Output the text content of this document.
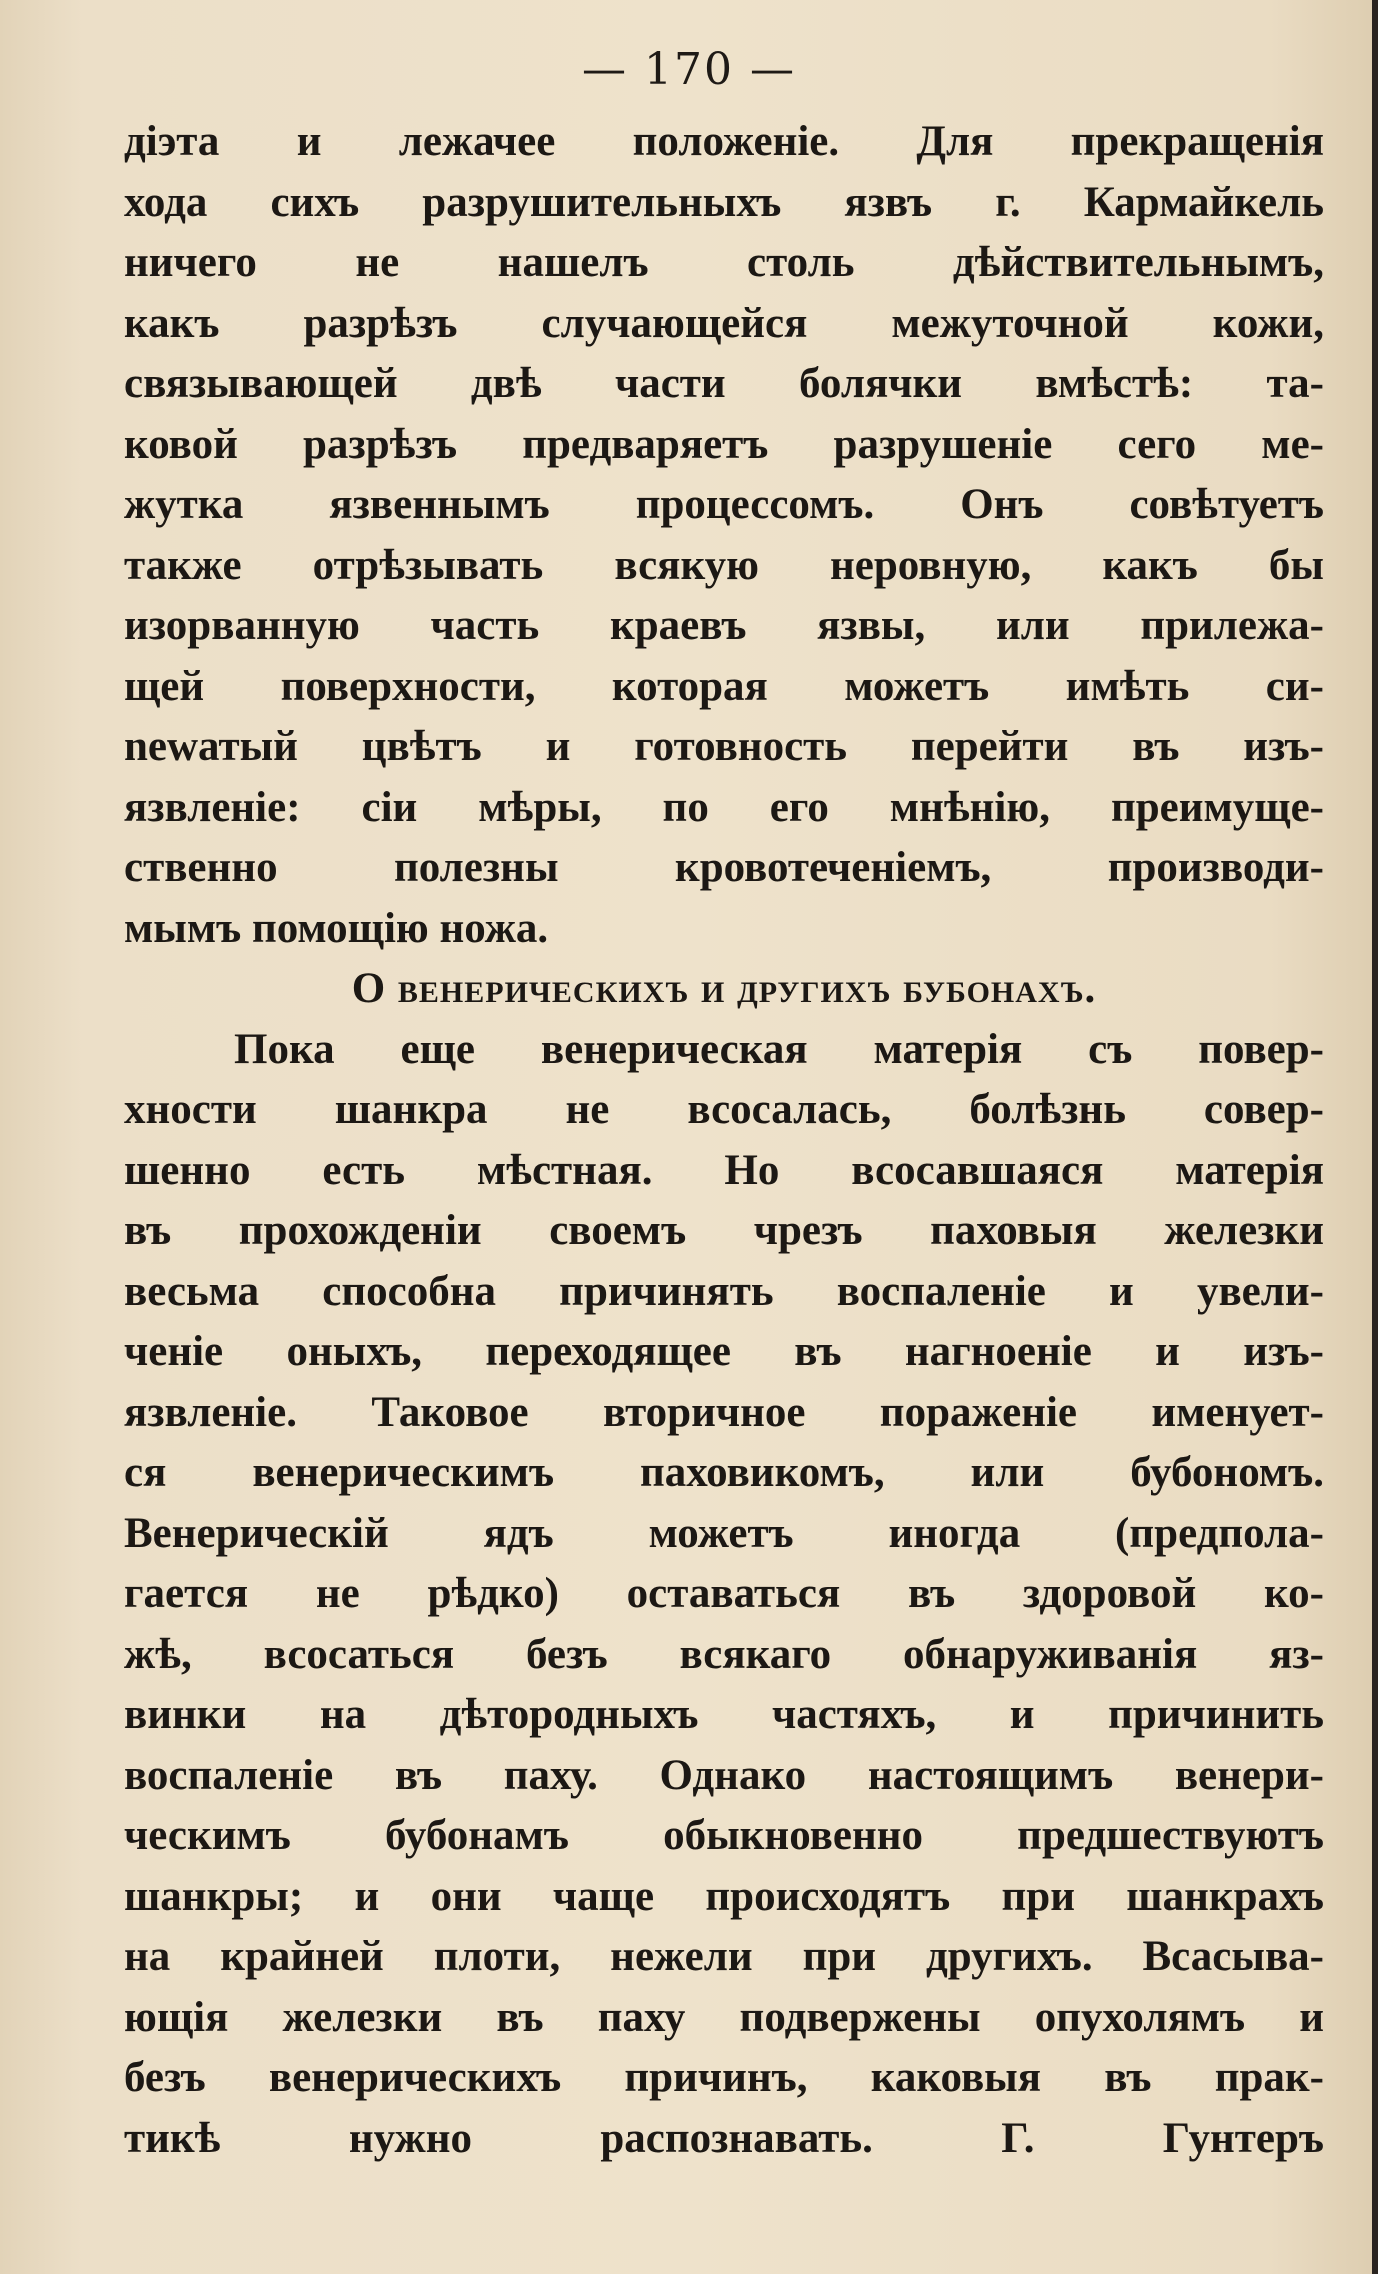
— 170 —
діэта и лежачее положеніе. Для прекращенія
хода сихъ разрушительныхъ язвъ г. Кармайкель
ничего не нашелъ столь дѣйствительнымъ,
какъ разрѣзъ случающейся межуточной кожи,
связывающей двѣ части болячки вмѣстѣ: та-
ковой разрѣзъ предваряетъ разрушеніе сего ме-
жутка язвеннымъ процессомъ. Онъ совѣтуетъ
также отрѣзывать всякую неровную, какъ бы
изорванную часть краевъ язвы, или прилежа-
щей поверхности, которая можетъ имѣть си-
newатый цвѣтъ и готовность перейти въ изъ-
язвленіе: сіи мѣры, по его мнѣнію, преимуще-
ственно полезны кровотеченіемъ, производи-
мымъ помощію ножа.
О венерическихъ и другихъ бубонахъ.
Пока еще венерическая матерія съ повер-
хности шанкра не всосалась, болѣзнь совер-
шенно есть мѣстная. Но всосавшаяся матерія
въ прохожденіи своемъ чрезъ паховыя железки
весьма способна причинять воспаленіе и увели-
ченіе оныхъ, переходящее въ нагноеніе и изъ-
язвленіе. Таковое вторичное пораженіе именует-
ся венерическимъ паховикомъ, или бубономъ.
Венерическій ядъ можетъ иногда (предпола-
гается не рѣдко) оставаться въ здоровой ко-
жѣ, всосаться безъ всякаго обнаруживанія яз-
винки на дѣтородныхъ частяхъ, и причинить
воспаленіе въ паху. Однако настоящимъ венери-
ческимъ бубонамъ обыкновенно предшествуютъ
шанкры; и они чаще происходятъ при шанкрахъ
на крайней плоти, нежели при другихъ. Всасыва-
ющія железки въ паху подвержены опухолямъ и
безъ венерическихъ причинъ, каковыя въ прак-
тикѣ нужно распознавать. Г. Гунтеръ
